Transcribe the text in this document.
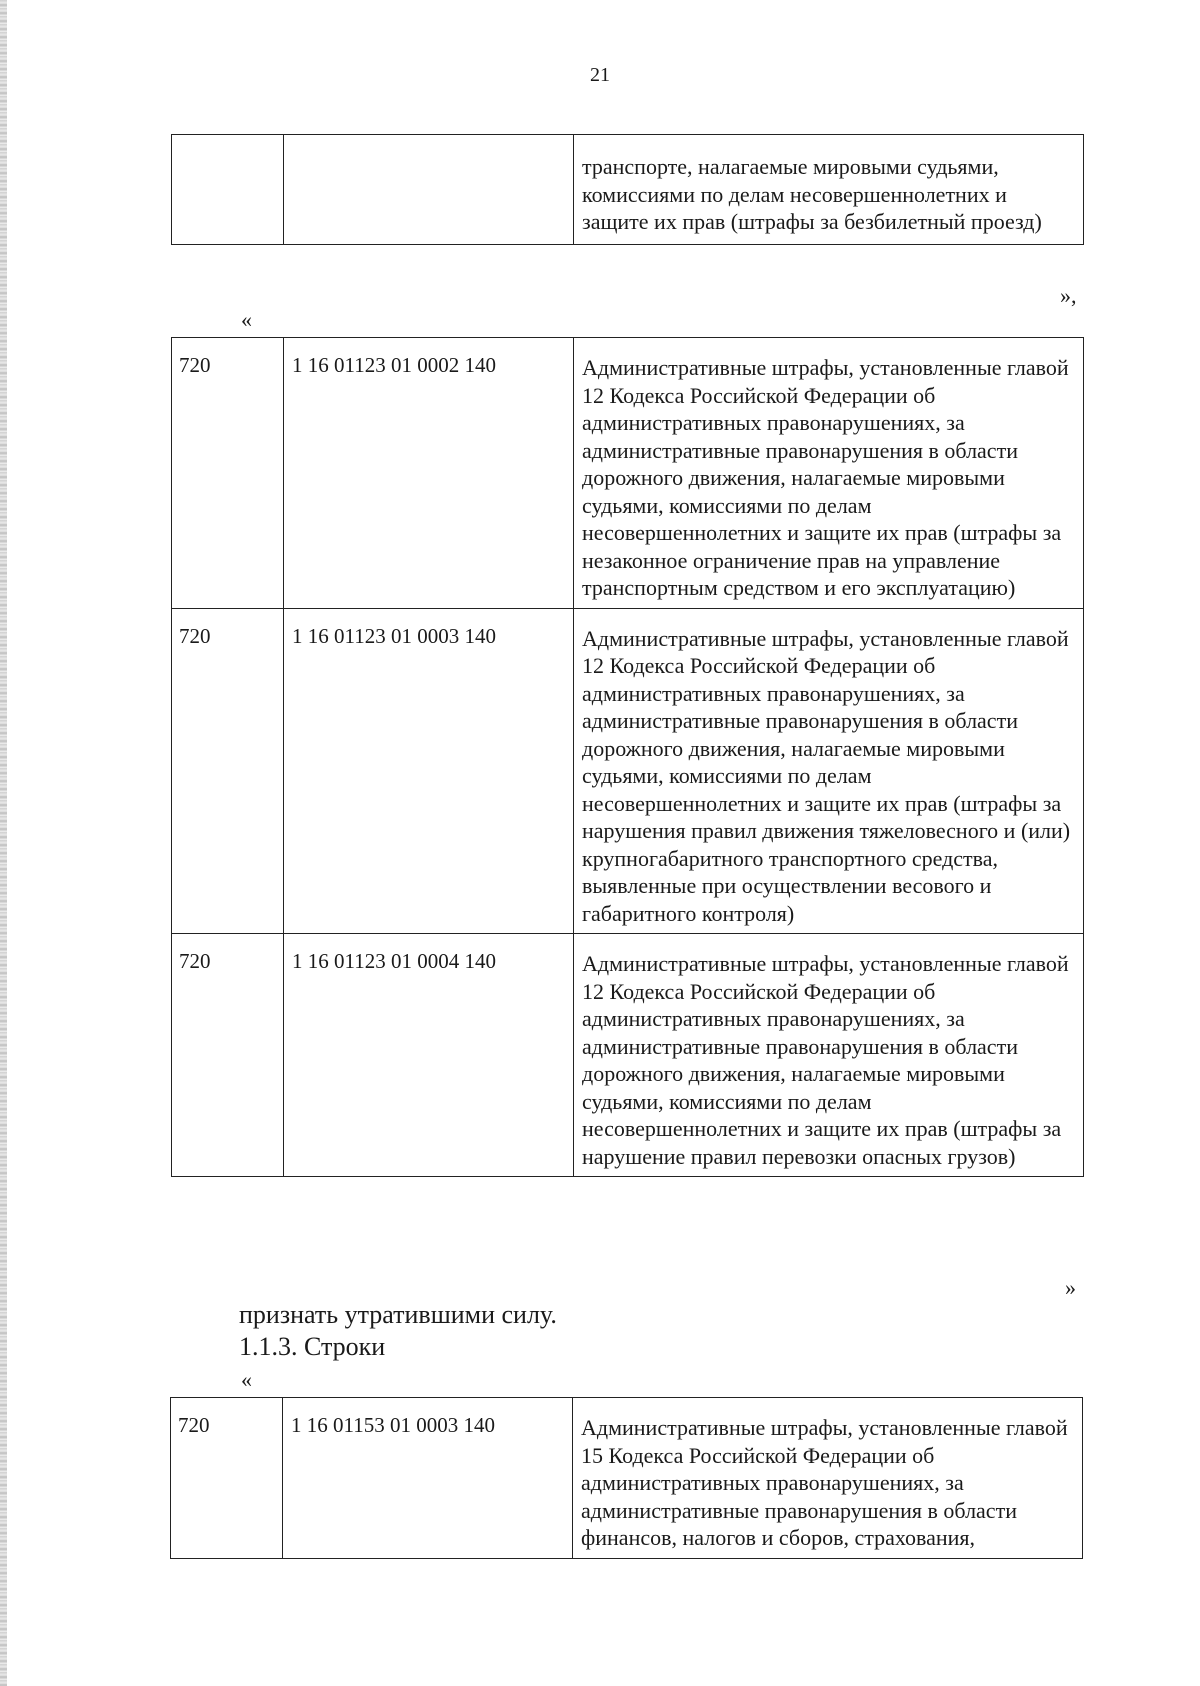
21
		транспорте, налагаемые мировыми судьями, комиссиями по делам несовершеннолетних и защите их прав (штрафы за безбилетный проезд)
»,
«
720	1 16 01123 01 0002 140	Административные штрафы, установленные главой 12 Кодекса Российской Федерации об административных правонарушениях, за административные правонарушения в области дорожного движения, налагаемые мировыми судьями, комиссиями по делам несовершеннолетних и защите их прав (штрафы за незаконное ограничение прав на управление транспортным средством и его эксплуатацию)
720	1 16 01123 01 0003 140	Административные штрафы, установленные главой 12 Кодекса Российской Федерации об административных правонарушениях, за административные правонарушения в области дорожного движения, налагаемые мировыми судьями, комиссиями по делам несовершеннолетних и защите их прав (штрафы за нарушения правил движения тяжеловесного и (или) крупногабаритного транспортного средства, выявленные при осуществлении весового и габаритного контроля)
720	1 16 01123 01 0004 140	Административные штрафы, установленные главой 12 Кодекса Российской Федерации об административных правонарушениях, за административные правонарушения в области дорожного движения, налагаемые мировыми судьями, комиссиями по делам несовершеннолетних и защите их прав (штрафы за нарушение правил перевозки опасных грузов)
»
признать утратившими силу.
1.1.3. Строки
«
720	1 16 01153 01 0003 140	Административные штрафы, установленные главой 15 Кодекса Российской Федерации об административных правонарушениях, за административные правонарушения в области финансов, налогов и сборов, страхования,
